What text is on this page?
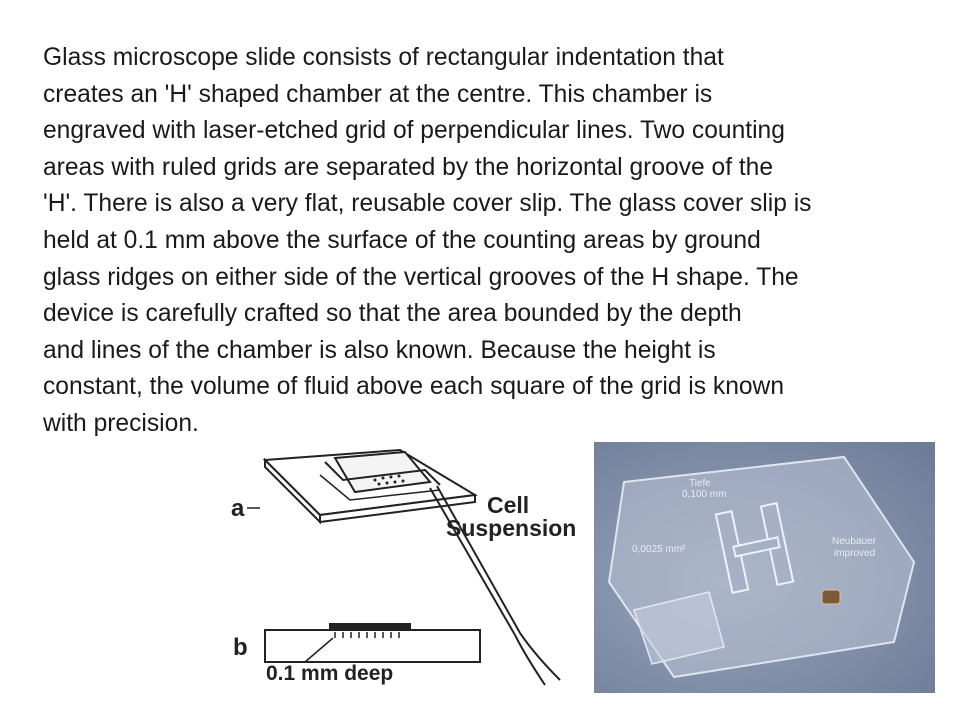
Glass microscope slide consists of rectangular indentation that
creates an 'H' shaped chamber at the centre. This chamber is
engraved with laser-etched grid of perpendicular lines. Two counting
areas with ruled grids are separated by the horizontal groove of the
'H'. There is also a very flat, reusable cover slip. The glass cover slip is
held at 0.1 mm above the surface of the counting areas by ground
glass ridges on either side of the vertical grooves of the H shape. The
device is carefully crafted so that the area bounded by the depth
and lines of the chamber is also known. Because the height is
constant, the volume of fluid above each square of the grid is known
with precision.
a
b
Cell
Suspension
0.1 mm deep
Tiefe
0,100 mm
0,0025 mm²
Neubauer
improved
